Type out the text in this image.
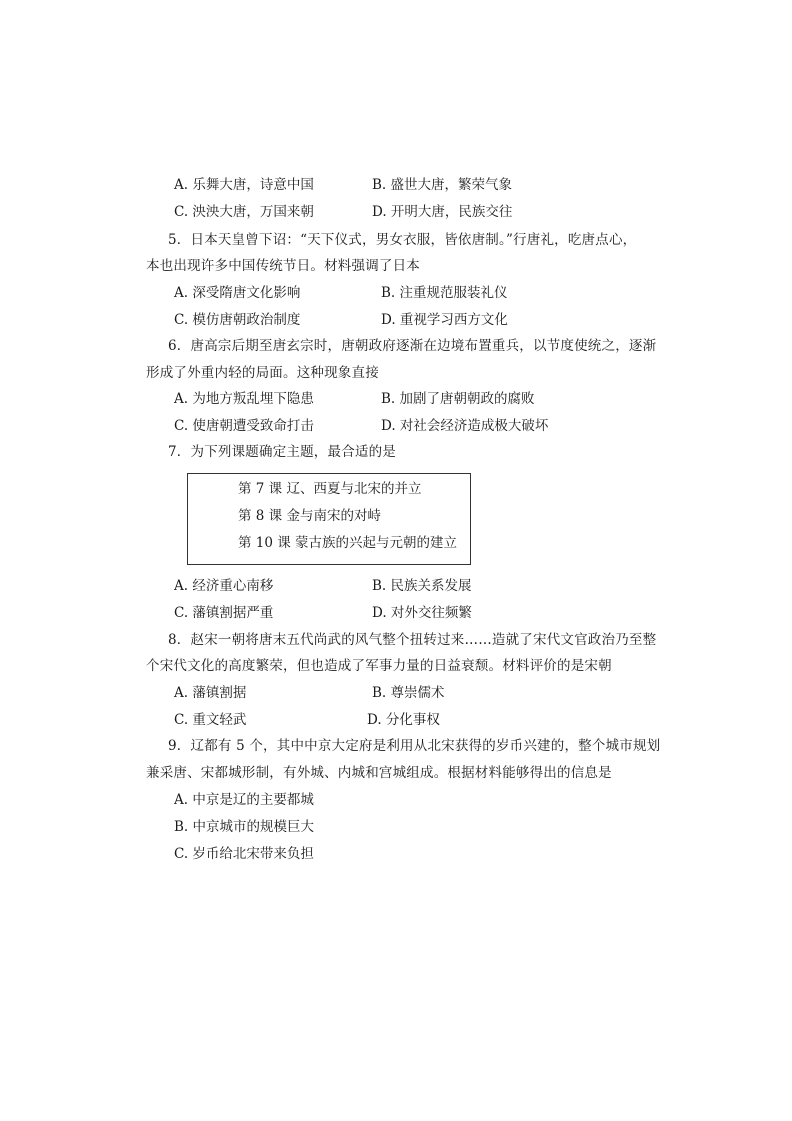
A. 乐舞大唐，诗意中国	B. 盛世大唐，繁荣气象
C. 泱泱大唐，万国来朝	D. 开明大唐，民族交往
5．日本天皇曾下诏：“天下仪式，男女衣服，皆依唐制。”行唐礼，吃唐点心，
本也出现许多中国传统节日。材料强调了日本
A. 深受隋唐文化影响	B. 注重规范服装礼仪
C. 模仿唐朝政治制度	D. 重视学习西方文化
6．唐高宗后期至唐玄宗时，唐朝政府逐渐在边境布置重兵，以节度使统之，逐渐
形成了外重内轻的局面。这种现象直接
A. 为地方叛乱埋下隐患	B. 加剧了唐朝朝政的腐败
C. 使唐朝遭受致命打击	D. 对社会经济造成极大破坏
7．为下列课题确定主题，最合适的是
第 7 课 辽、西夏与北宋的并立
第 8 课 金与南宋的对峙
第 10 课 蒙古族的兴起与元朝的建立
A. 经济重心南移	B. 民族关系发展
C. 藩镇割据严重	D. 对外交往频繁
8．赵宋一朝将唐末五代尚武的风气整个扭转过来……造就了宋代文官政治乃至整
个宋代文化的高度繁荣，但也造成了军事力量的日益衰颓。材料评价的是宋朝
A. 藩镇割据	B. 尊崇儒术
C. 重文轻武	D. 分化事权
9．辽都有 5 个，其中中京大定府是利用从北宋获得的岁币兴建的，整个城市规划
兼采唐、宋都城形制，有外城、内城和宫城组成。根据材料能够得出的信息是
A. 中京是辽的主要都城
B. 中京城市的规模巨大
C. 岁币给北宋带来负担
